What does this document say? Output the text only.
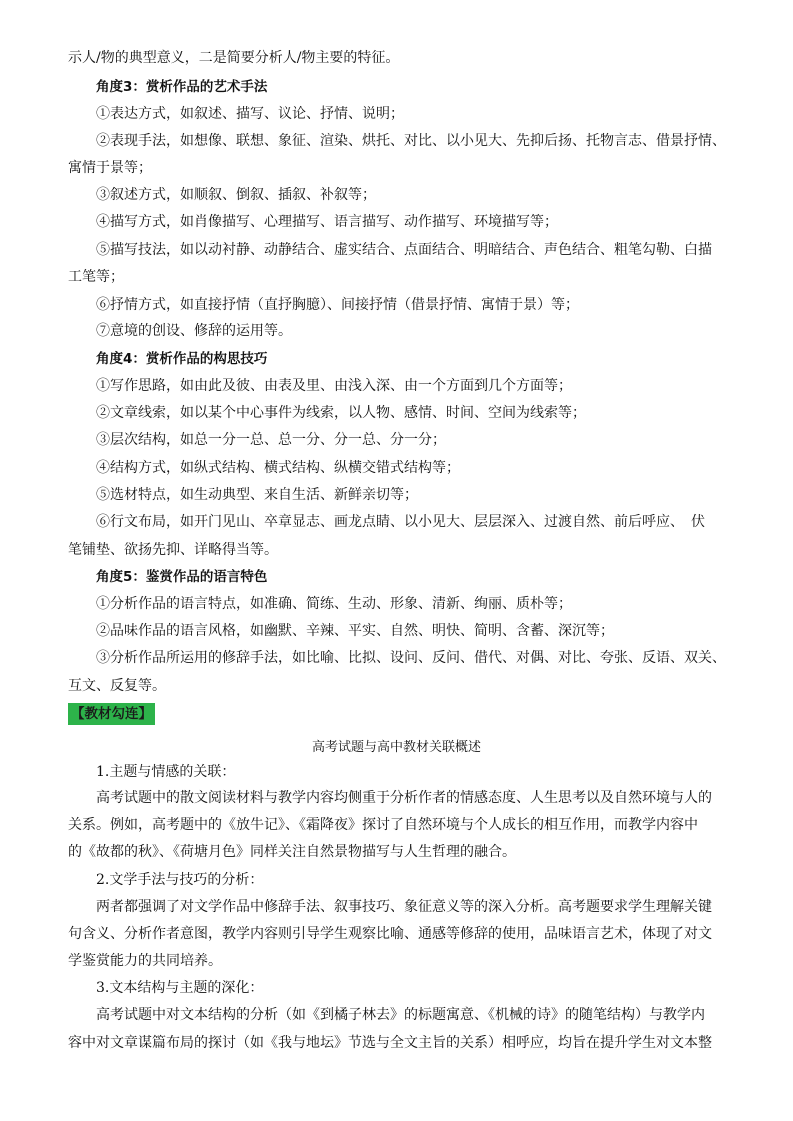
示人/物的典型意义，二是简要分析人/物主要的特征。
角度3：赏析作品的艺术手法
①表达方式，如叙述、描写、议论、抒情、说明；
②表现手法，如想像、联想、象征、渲染、烘托、对比、以小见大、先抑后扬、托物言志、借景抒情、
寓情于景等；
③叙述方式，如顺叙、倒叙、插叙、补叙等；
④描写方式，如肖像描写、心理描写、语言描写、动作描写、环境描写等；
⑤描写技法，如以动衬静、动静结合、虚实结合、点面结合、明暗结合、声色结合、粗笔勾勒、白描
工笔等；
⑥抒情方式，如直接抒情（直抒胸臆）、间接抒情（借景抒情、寓情于景）等；
⑦意境的创设、修辞的运用等。
角度4：赏析作品的构思技巧
①写作思路，如由此及彼、由表及里、由浅入深、由一个方面到几个方面等；
②文章线索，如以某个中心事件为线索，以人物、感情、时间、空间为线索等；
③层次结构，如总一分一总、总一分、分一总、分一分；
④结构方式，如纵式结构、横式结构、纵横交错式结构等；
⑤选材特点，如生动典型、来自生活、新鲜亲切等；
⑥行文布局，如开门见山、卒章显志、画龙点睛、以小见大、层层深入、过渡自然、前后呼应、　伏
笔铺垫、欲扬先抑、详略得当等。
角度5：鉴赏作品的语言特色
①分析作品的语言特点，如准确、简练、生动、形象、清新、绚丽、质朴等；
②品味作品的语言风格，如幽默、辛辣、平实、自然、明快、简明、含蓄、深沉等；
③分析作品所运用的修辞手法，如比喻、比拟、设问、反问、借代、对偶、对比、夸张、反语、双关、
互文、反复等。
【教材勾连】
高考试题与高中教材关联概述
1.主题与情感的关联：
高考试题中的散文阅读材料与教学内容均侧重于分析作者的情感态度、人生思考以及自然环境与人的
关系。例如，高考题中的《放牛记》、《霜降夜》探讨了自然环境与个人成长的相互作用，而教学内容中
的《故都的秋》、《荷塘月色》同样关注自然景物描写与人生哲理的融合。
2.文学手法与技巧的分析：
两者都强调了对文学作品中修辞手法、叙事技巧、象征意义等的深入分析。高考题要求学生理解关键
句含义、分析作者意图，教学内容则引导学生观察比喻、通感等修辞的使用，品味语言艺术，体现了对文
学鉴赏能力的共同培养。
3.文本结构与主题的深化：
高考试题中对文本结构的分析（如《到橘子林去》的标题寓意、《机械的诗》的随笔结构）与教学内
容中对文章谋篇布局的探讨（如《我与地坛》节选与全文主旨的关系）相呼应，均旨在提升学生对文本整
